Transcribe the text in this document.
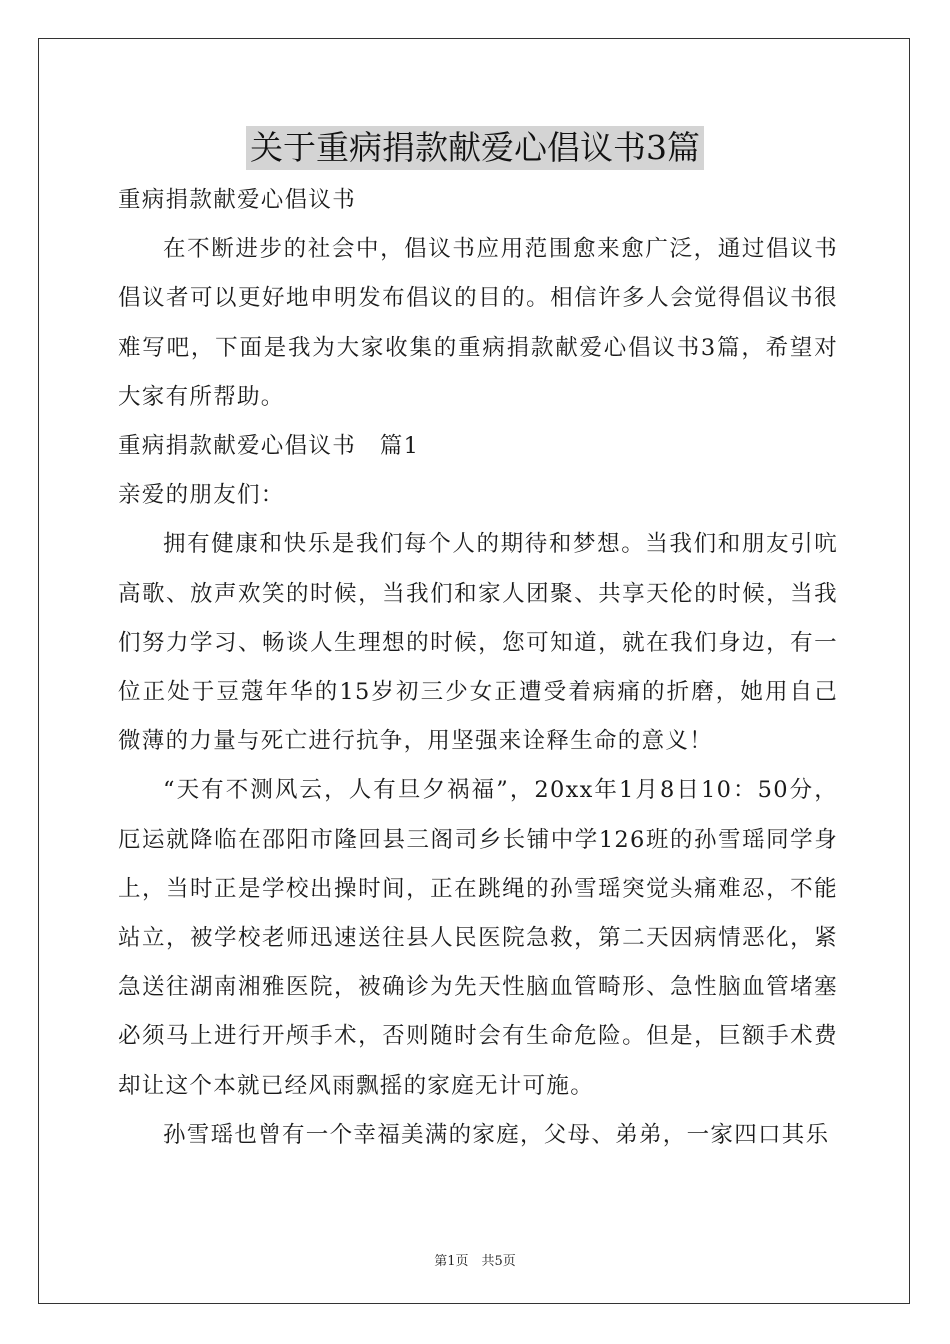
关于重病捐款献爱心倡议书3篇

重病捐款献爱心倡议书

在不断进步的社会中，倡议书应用范围愈来愈广泛，通过倡议书倡议者可以更好地申明发布倡议的目的。相信许多人会觉得倡议书很难写吧，下面是我为大家收集的重病捐款献爱心倡议书3篇，希望对大家有所帮助。

重病捐款献爱心倡议书　篇1

亲爱的朋友们：

拥有健康和快乐是我们每个人的期待和梦想。当我们和朋友引吭高歌、放声欢笑的时候，当我们和家人团聚、共享天伦的时候，当我们努力学习、畅谈人生理想的时候，您可知道，就在我们身边，有一位正处于豆蔻年华的15岁初三少女正遭受着病痛的折磨，她用自己微薄的力量与死亡进行抗争，用坚强来诠释生命的意义！

“天有不测风云，人有旦夕祸福”，20xx年1月8日10：50分，厄运就降临在邵阳市隆回县三阁司乡长铺中学126班的孙雪瑶同学身上，当时正是学校出操时间，正在跳绳的孙雪瑶突觉头痛难忍，不能站立，被学校老师迅速送往县人民医院急救，第二天因病情恶化，紧急送往湖南湘雅医院，被确诊为先天性脑血管畸形、急性脑血管堵塞必须马上进行开颅手术，否则随时会有生命危险。但是，巨额手术费却让这个本就已经风雨飘摇的家庭无计可施。

孙雪瑶也曾有一个幸福美满的家庭，父母、弟弟，一家四口其乐

第1页　共5页
